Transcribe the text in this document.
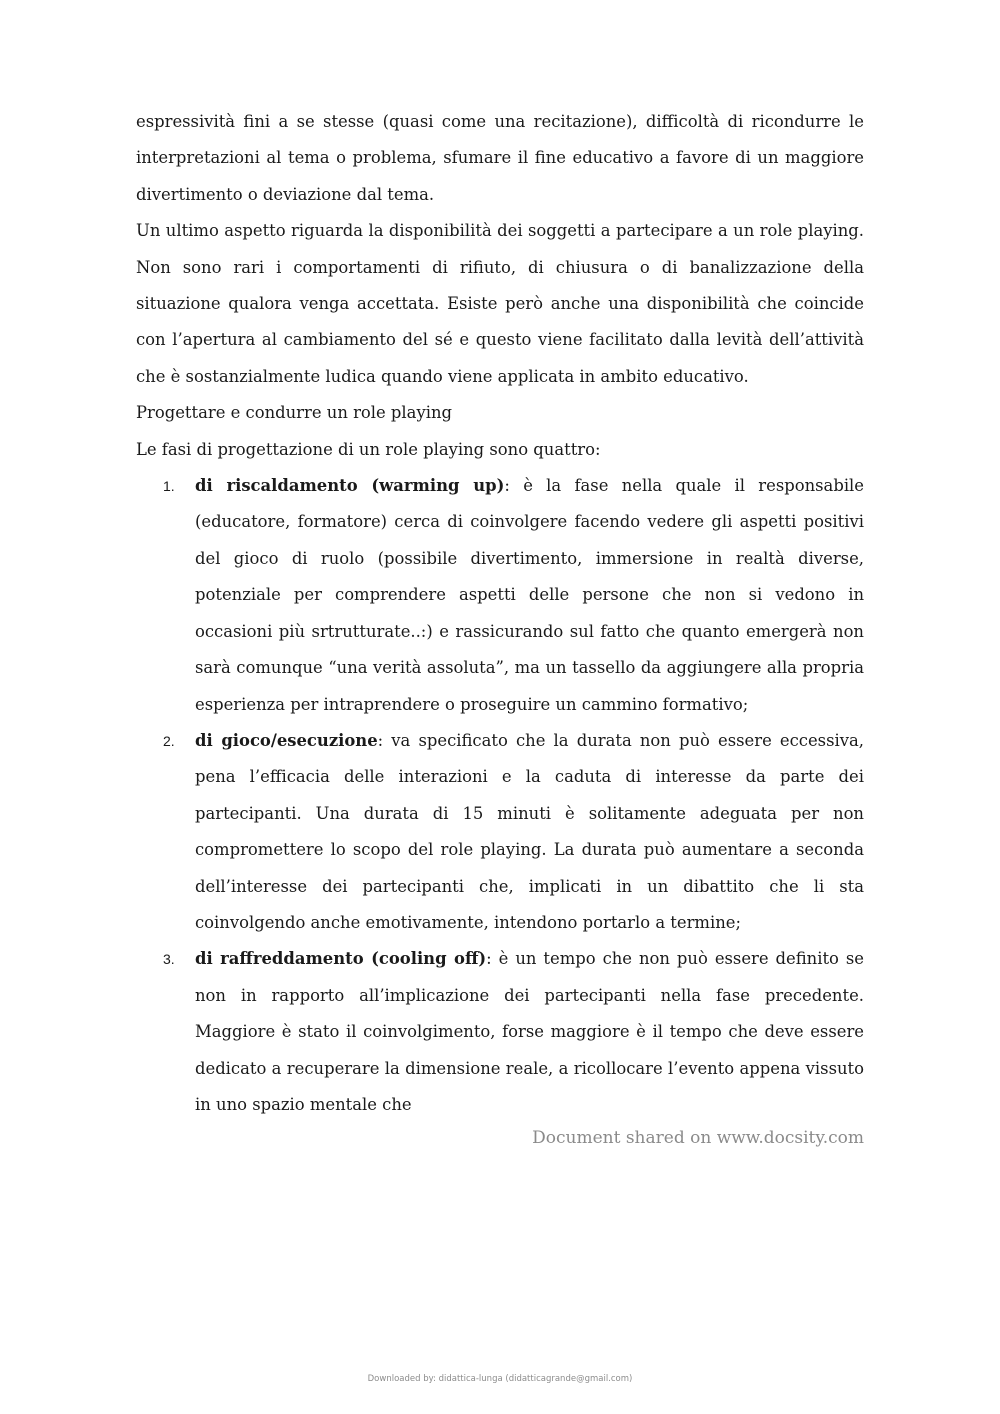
espressività fini a se stesse (quasi come una recitazione), difficoltà di ricondurre le interpretazioni al tema o problema, sfumare il fine educativo a favore di un maggiore divertimento o deviazione dal tema.

Un ultimo aspetto riguarda la disponibilità dei soggetti a partecipare a un role playing. Non sono rari i comportamenti di rifiuto, di chiusura o di banalizzazione della situazione qualora venga accettata. Esiste però anche una disponibilità che coincide con l’apertura al cambiamento del sé e questo viene facilitato dalla levità dell’attività che è sostanzialmente ludica quando viene applicata in ambito educativo.

Progettare e condurre un role playing

Le fasi di progettazione di un role playing sono quattro:

1. di riscaldamento (warming up): è la fase nella quale il responsabile (educatore, formatore) cerca di coinvolgere facendo vedere gli aspetti positivi del gioco di ruolo (possibile divertimento, immersione in realtà diverse, potenziale per comprendere aspetti delle persone che non si vedono in occasioni più srtrutturate..:) e rassicurando sul fatto che quanto emergerà non sarà comunque “una verità assoluta”, ma un tassello da aggiungere alla propria esperienza per intraprendere o proseguire un cammino formativo;
2. di gioco/esecuzione: va specificato che la durata non può essere eccessiva, pena l’efficacia delle interazioni e la caduta di interesse da parte dei partecipanti. Una durata di 15 minuti è solitamente adeguata per non compromettere lo scopo del role playing. La durata può aumentare a seconda dell’interesse dei partecipanti che, implicati in un dibattito che li sta coinvolgendo anche emotivamente, intendono portarlo a termine;
3. di raffreddamento (cooling off): è un tempo che non può essere definito se non in rapporto all’implicazione dei partecipanti nella fase precedente. Maggiore è stato il coinvolgimento, forse maggiore è il tempo che deve essere dedicato a recuperare la dimensione reale, a ricollocare l’evento appena vissuto in uno spazio mentale che
Document shared on www.docsity.com
Downloaded by: didattica-lunga (didatticagrande@gmail.com)
